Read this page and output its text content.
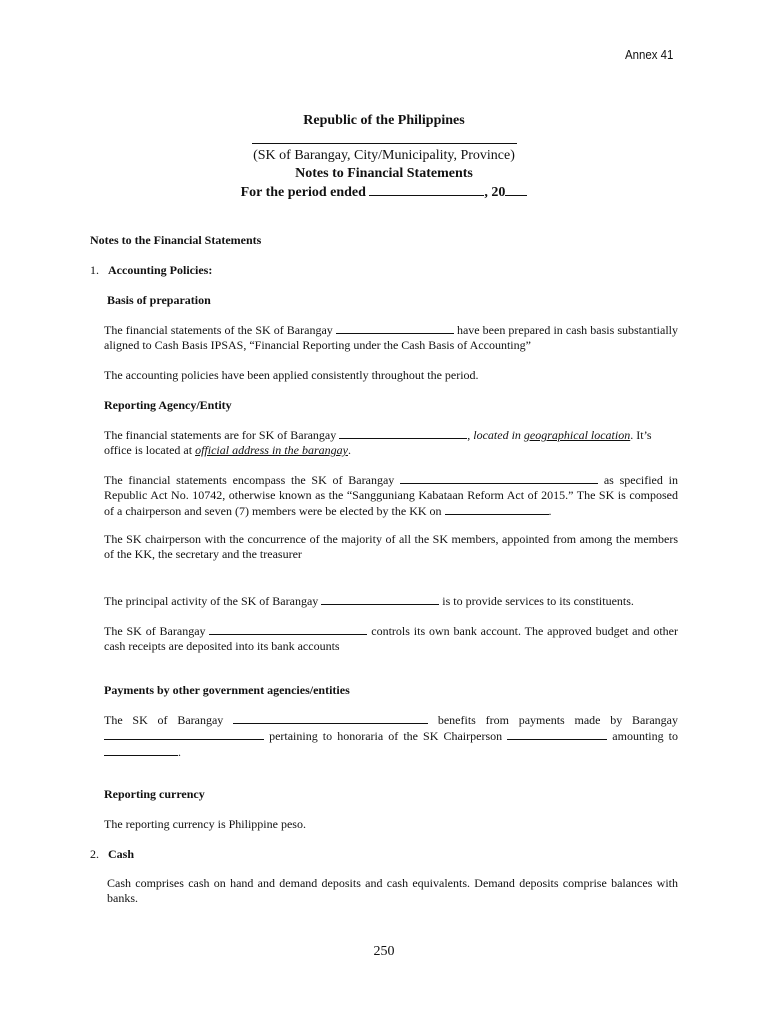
Annex 41
Republic of the Philippines
(SK of Barangay, City/Municipality, Province)
Notes to Financial Statements
For the period ended	, 20
Notes to the Financial Statements
1. Accounting Policies:
Basis of preparation
The financial statements of the SK of Barangay	have been prepared in cash basis substantially aligned to Cash Basis IPSAS, “Financial Reporting under the Cash Basis of Accounting”
The accounting policies have been applied consistently throughout the period.
Reporting Agency/Entity
The financial statements are for SK of Barangay	, located in geographical location. It’s
office is located at official address in the barangay.
The financial statements encompass the SK of Barangay	as specified in Republic Act No. 10742, otherwise known as the “Sangguniang Kabataan Reform Act of 2015.” The SK is composed of a chairperson and seven (7) members were be elected by the KK on	.
The SK chairperson with the concurrence of the majority of all the SK members, appointed from among the members of the KK, the secretary and the treasurer
The principal activity of the SK of Barangay	is to provide services to its constituents.
The SK of Barangay	controls its own bank account. The approved budget and other cash receipts are deposited into its bank accounts
Payments by other government agencies/entities
The SK of Barangay	benefits from payments made by Barangay  pertaining to honoraria of the SK Chairperson	amounting to .
Reporting currency
The reporting currency is Philippine peso.
2. Cash
Cash comprises cash on hand and demand deposits and cash equivalents. Demand deposits comprise balances with banks.
250
